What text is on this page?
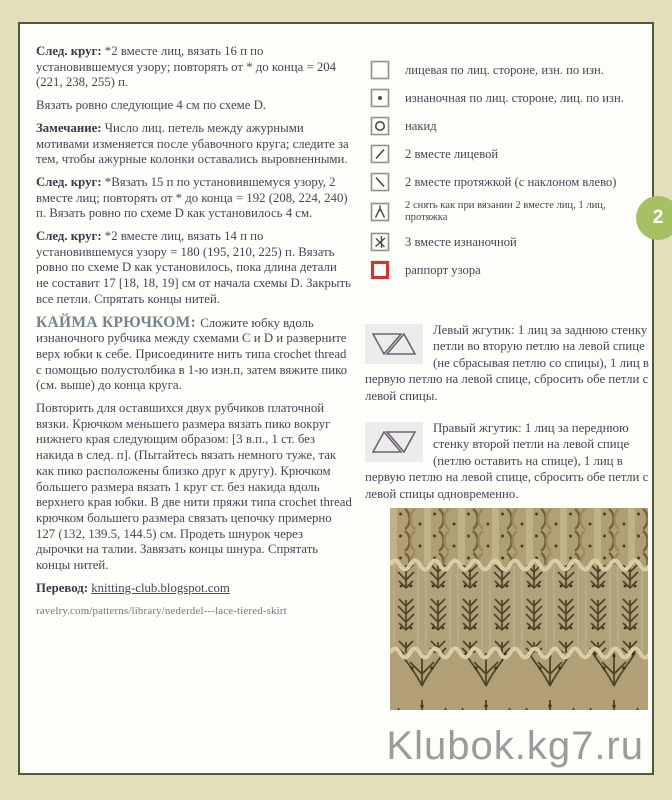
След. круг: *2 вместе лиц, вязать 16 п по установившемуся узору; повторять от * до конца = 204 (221, 238, 255) п.

Вязать ровно следующие 4 см по схеме D.

Замечание: Число лиц. петель между ажурными мотивами изменяется после убавочного круга; следите за тем, чтобы ажурные колонки оставались выровненными.

След. круг: *Вязать 15 п по установившемуся узору, 2 вместе лиц; повторять от * до конца = 192 (208, 224, 240) п. Вязать ровно по схеме D как установилось 4 см.

След. круг: *2 вместе лиц, вязать 14 п по установившемуся узору = 180 (195, 210, 225) п. Вязать ровно по схеме D как установилось, пока длина детали не составит 17 [18, 18, 19] см от начала схемы D. Закрыть все петли. Спрятать концы нитей.

КАЙМА КРЮЧКОМ: Сложите юбку вдоль изнаночного рубчика между схемами C и D и разверните верх юбки к себе. Присоедините нить типа crochet thread с помощью полустолбика в 1-ю изн.п, затем вяжите пико (см. выше) до конца круга.

Повторить для оставшихся двух рубчиков платочной вязки. Крючком меньшего размера вязать пико вокруг нижнего края следующим образом: [3 в.п., 1 ст. без накида в след. п]. (Пытайтесь вязать немного туже, так как пико расположены близко друг к другу). Крючком большего размера вязать 1 круг ст. без накида вдоль верхнего края юбки. В две нити пряжи типа crochet thread крючком большего размера связать цепочку примерно 127 (132, 139.5, 144.5) см. Продеть шнурок через дырочки на талии. Завязать концы шнура. Спрятать концы нитей.

Перевод: knitting-club.blogspot.com

ravelry.com/patterns/library/nederdel---lace-tiered-skirt
лицевая по лиц. стороне, изн. по изн.
изнаночная по лиц. стороне, лиц. по изн.
накид
2 вместе лицевой
2 вместе протяжкой (с наклоном влево)
2 снять как при вязании 2 вместе лиц, 1 лиц, протяжка
3 вместе изнаночной
раппорт узора
Левый жгутик: 1 лиц за заднюю стенку петли во вторую петлю на левой спице (не сбрасывая петлю со спицы), 1 лиц в первую петлю на левой спице, сбросить обе петли с левой спицы.
Правый жгутик: 1 лиц за переднюю стенку второй петли на левой спице (петлю оставить на спице), 1 лиц в первую петлю на левой спице, сбросить обе петли с левой спицы одновременно.
Klubok.kg7.ru
2
